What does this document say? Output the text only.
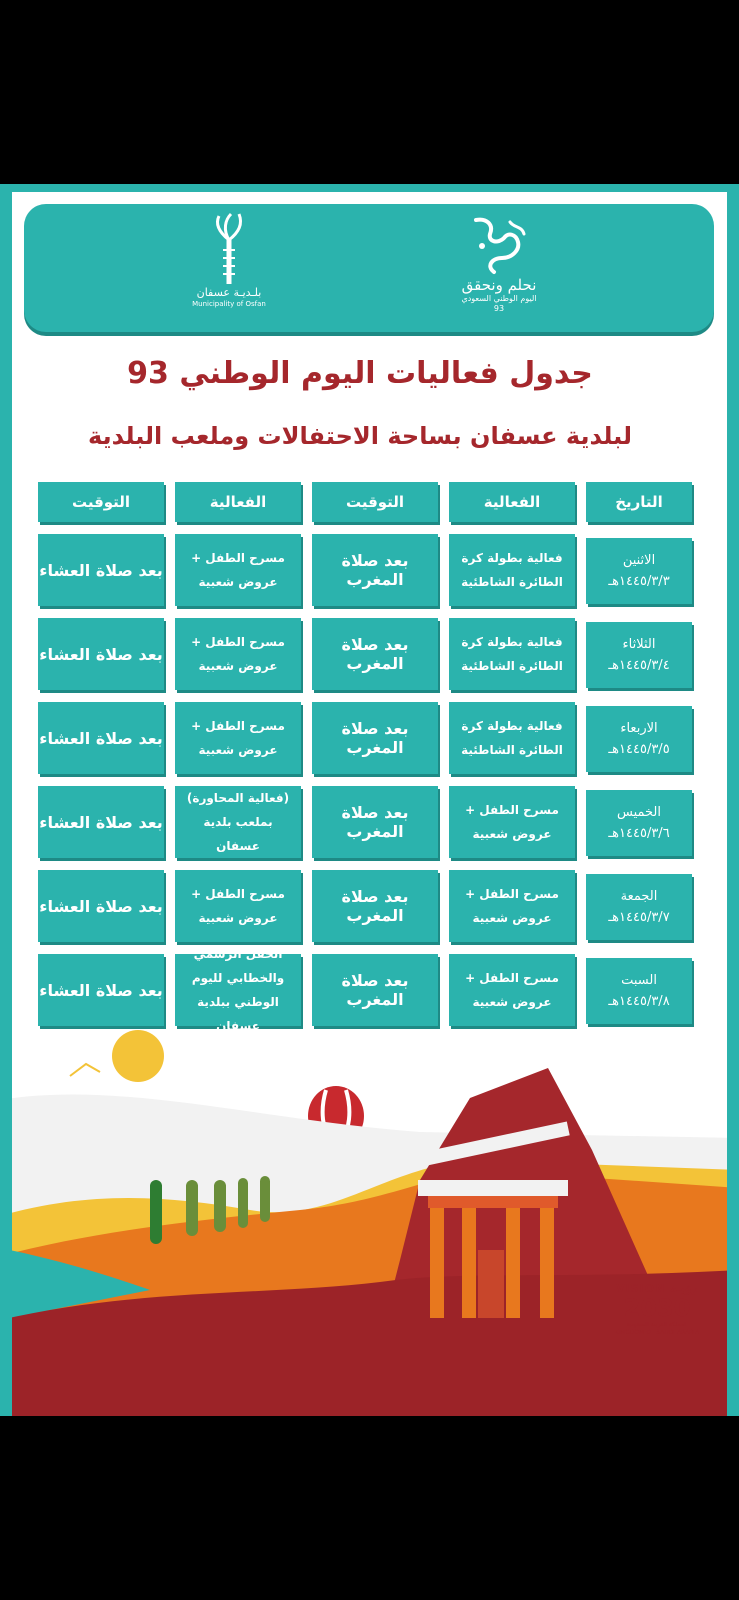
نحلم ونحقق
اليوم الوطني السعودي
93
بلـديـة عسفان
Municipality of Osfan
جدول فعاليات اليوم الوطني 93
لبلدية عسفان بساحة الاحتفالات وملعب البلدية
التاريخ
الفعالية
التوقيت
الفعالية
التوقيت
الاثنين
١٤٤٥/٣/٣هـ
فعالية بطولة كرة الطائرة الشاطئية
بعد صلاة المغرب
مسرح الطفل + عروض شعبية
بعد صلاة العشاء
الثلاثاء
١٤٤٥/٣/٤هـ
فعالية بطولة كرة الطائرة الشاطئية
بعد صلاة المغرب
مسرح الطفل + عروض شعبية
بعد صلاة العشاء
الاربعاء
١٤٤٥/٣/٥هـ
فعالية بطولة كرة الطائرة الشاطئية
بعد صلاة المغرب
مسرح الطفل + عروض شعبية
بعد صلاة العشاء
الخميس
١٤٤٥/٣/٦هـ
مسرح الطفل + عروض شعبية
بعد صلاة المغرب
(فعالية المحاورة) بملعب بلدية عسفان
بعد صلاة العشاء
الجمعة
١٤٤٥/٣/٧هـ
مسرح الطفل + عروض شعبية
بعد صلاة المغرب
مسرح الطفل + عروض شعبية
بعد صلاة العشاء
السبت
١٤٤٥/٣/٨هـ
مسرح الطفل + عروض شعبية
بعد صلاة المغرب
الحفل الرسمي والخطابي لليوم الوطني ببلدية عسفان
بعد صلاة العشاء
VISION رؤيـة
2030
المملكة العربية السعودية
KINGDOM OF SAUDI ARABIA
